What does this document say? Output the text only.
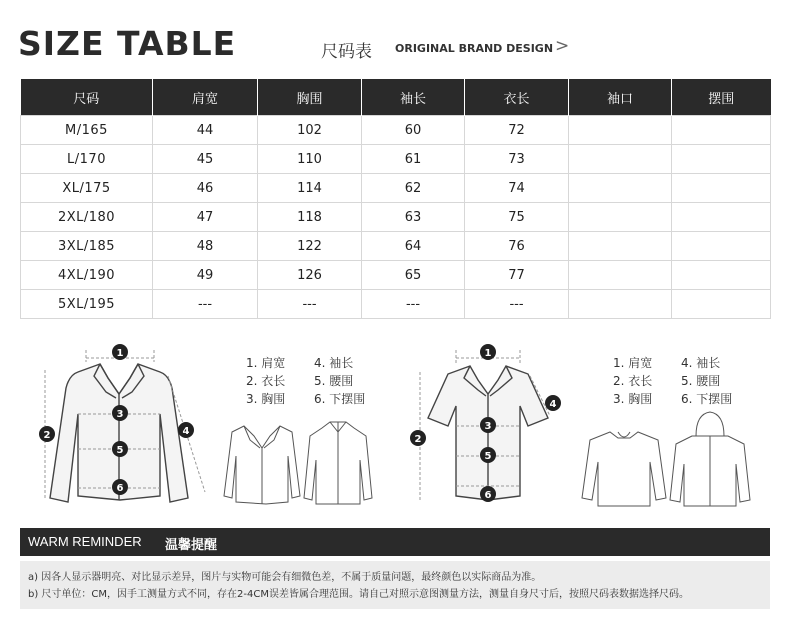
SIZE TABLE	尺码表 ORIGINAL BRAND DESIGN >
尺码	肩宽	胸围	袖长	衣长	袖口	摆围
M/165	44	102	60	72		
L/170	45	110	61	73		
XL/175	46	114	62	74		
2XL/180	47	118	63	75		
3XL/185	48	122	64	76		
4XL/190	49	126	65	77		
5XL/195	---	---	---	---		
1
2
3
4
5
6
1
2
3
4
5
6
1. 肩宽 4. 袖长
2. 衣长 5. 腰围
3. 胸围 6. 下摆围
1. 肩宽 4. 袖长
2. 衣长 5. 腰围
3. 胸围 6. 下摆围
WARM REMINDER 温馨提醒
a) 因各人显示器明亮、对比显示差异，图片与实物可能会有细微色差，不属于质量问题，最终颜色以实际商品为准。
b) 尺寸单位：CM，因手工测量方式不同，存在2-4CM误差皆属合理范围。请自己对照示意图测量方法，测量自身尺寸后，按照尺码表数据选择尺码。
